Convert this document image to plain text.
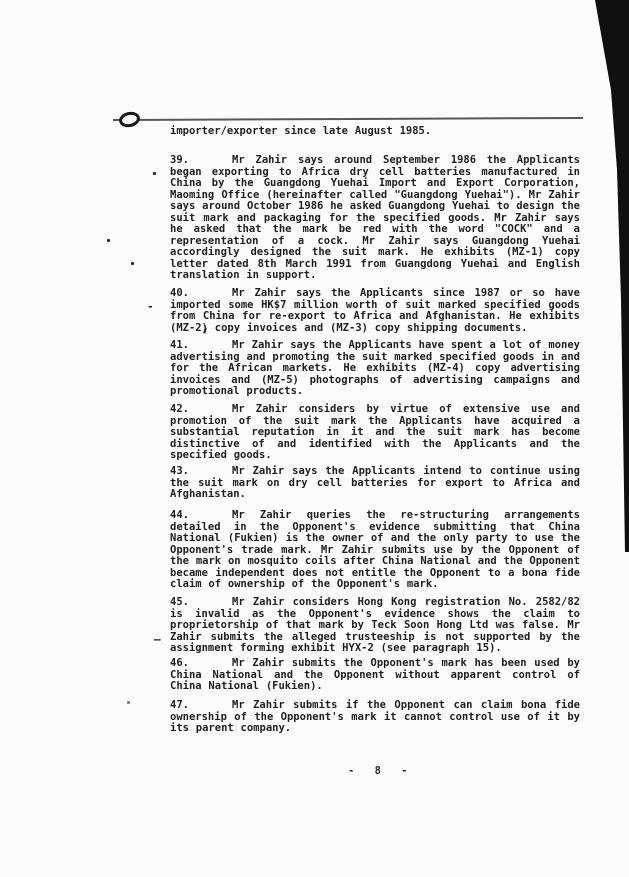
-
—
importer/exporter since late August 1985.
39.	Mr Zahir says around September 1986 the Applicants began exporting to Africa dry cell batteries manufactured in China by the Guangdong Yuehai Import and Export Corporation, Maoming Office (hereinafter called "Guangdong Yuehai"). Mr Zahir says around October 1986 he asked Guangdong Yuehai to design the suit mark and packaging for the specified goods. Mr Zahir says he asked that the mark be red with the word "COCK" and a representation of a cock. Mr Zahir says Guangdong Yuehai accordingly designed the suit mark. He exhibits (MZ-1) copy letter dated 8th March 1991 from Guangdong Yuehai and English translation in support.
40.	Mr Zahir says the Applicants since 1987 or so have imported some HK$7 million worth of suit marked specified goods from China for re-export to Africa and Afghanistan. He exhibits (MZ-2) copy invoices and (MZ-3) copy shipping documents.
41.	Mr Zahir says the Applicants have spent a lot of money advertising and promoting the suit marked specified goods in and for the African markets. He exhibits (MZ-4) copy advertising invoices and (MZ-5) photographs of advertising campaigns and promotional products.
42.	Mr Zahir considers by virtue of extensive use and promotion of the suit mark the Applicants have acquired a substantial reputation in it and the suit mark has become distinctive of and identified with the Applicants and the specified goods.
43.	Mr Zahir says the Applicants intend to continue using the suit mark on dry cell batteries for export to Africa and Afghanistan.
44.	Mr Zahir queries the re-structuring arrangements detailed in the Opponent's evidence submitting that China National (Fukien) is the owner of and the only party to use the Opponent's trade mark. Mr Zahir submits use by the Opponent of the mark on mosquito coils after China National and the Opponent became independent does not entitle the Opponent to a bona fide claim of ownership of the Opponent's mark.
45.	Mr Zahir considers Hong Kong registration No. 2582/82 is invalid as the Opponent's evidence shows the claim to proprietorship of that mark by Teck Soon Hong Ltd was false. Mr Zahir submits the alleged trusteeship is not supported by the assignment forming exhibit HYX-2 (see paragraph 15).
46.	Mr Zahir submits the Opponent's mark has been used by China National and the Opponent without apparent control of China National (Fukien).
47.	Mr Zahir submits if the Opponent can claim bona fide ownership of the Opponent's mark it cannot control use of it by its parent company.
- 8 -
